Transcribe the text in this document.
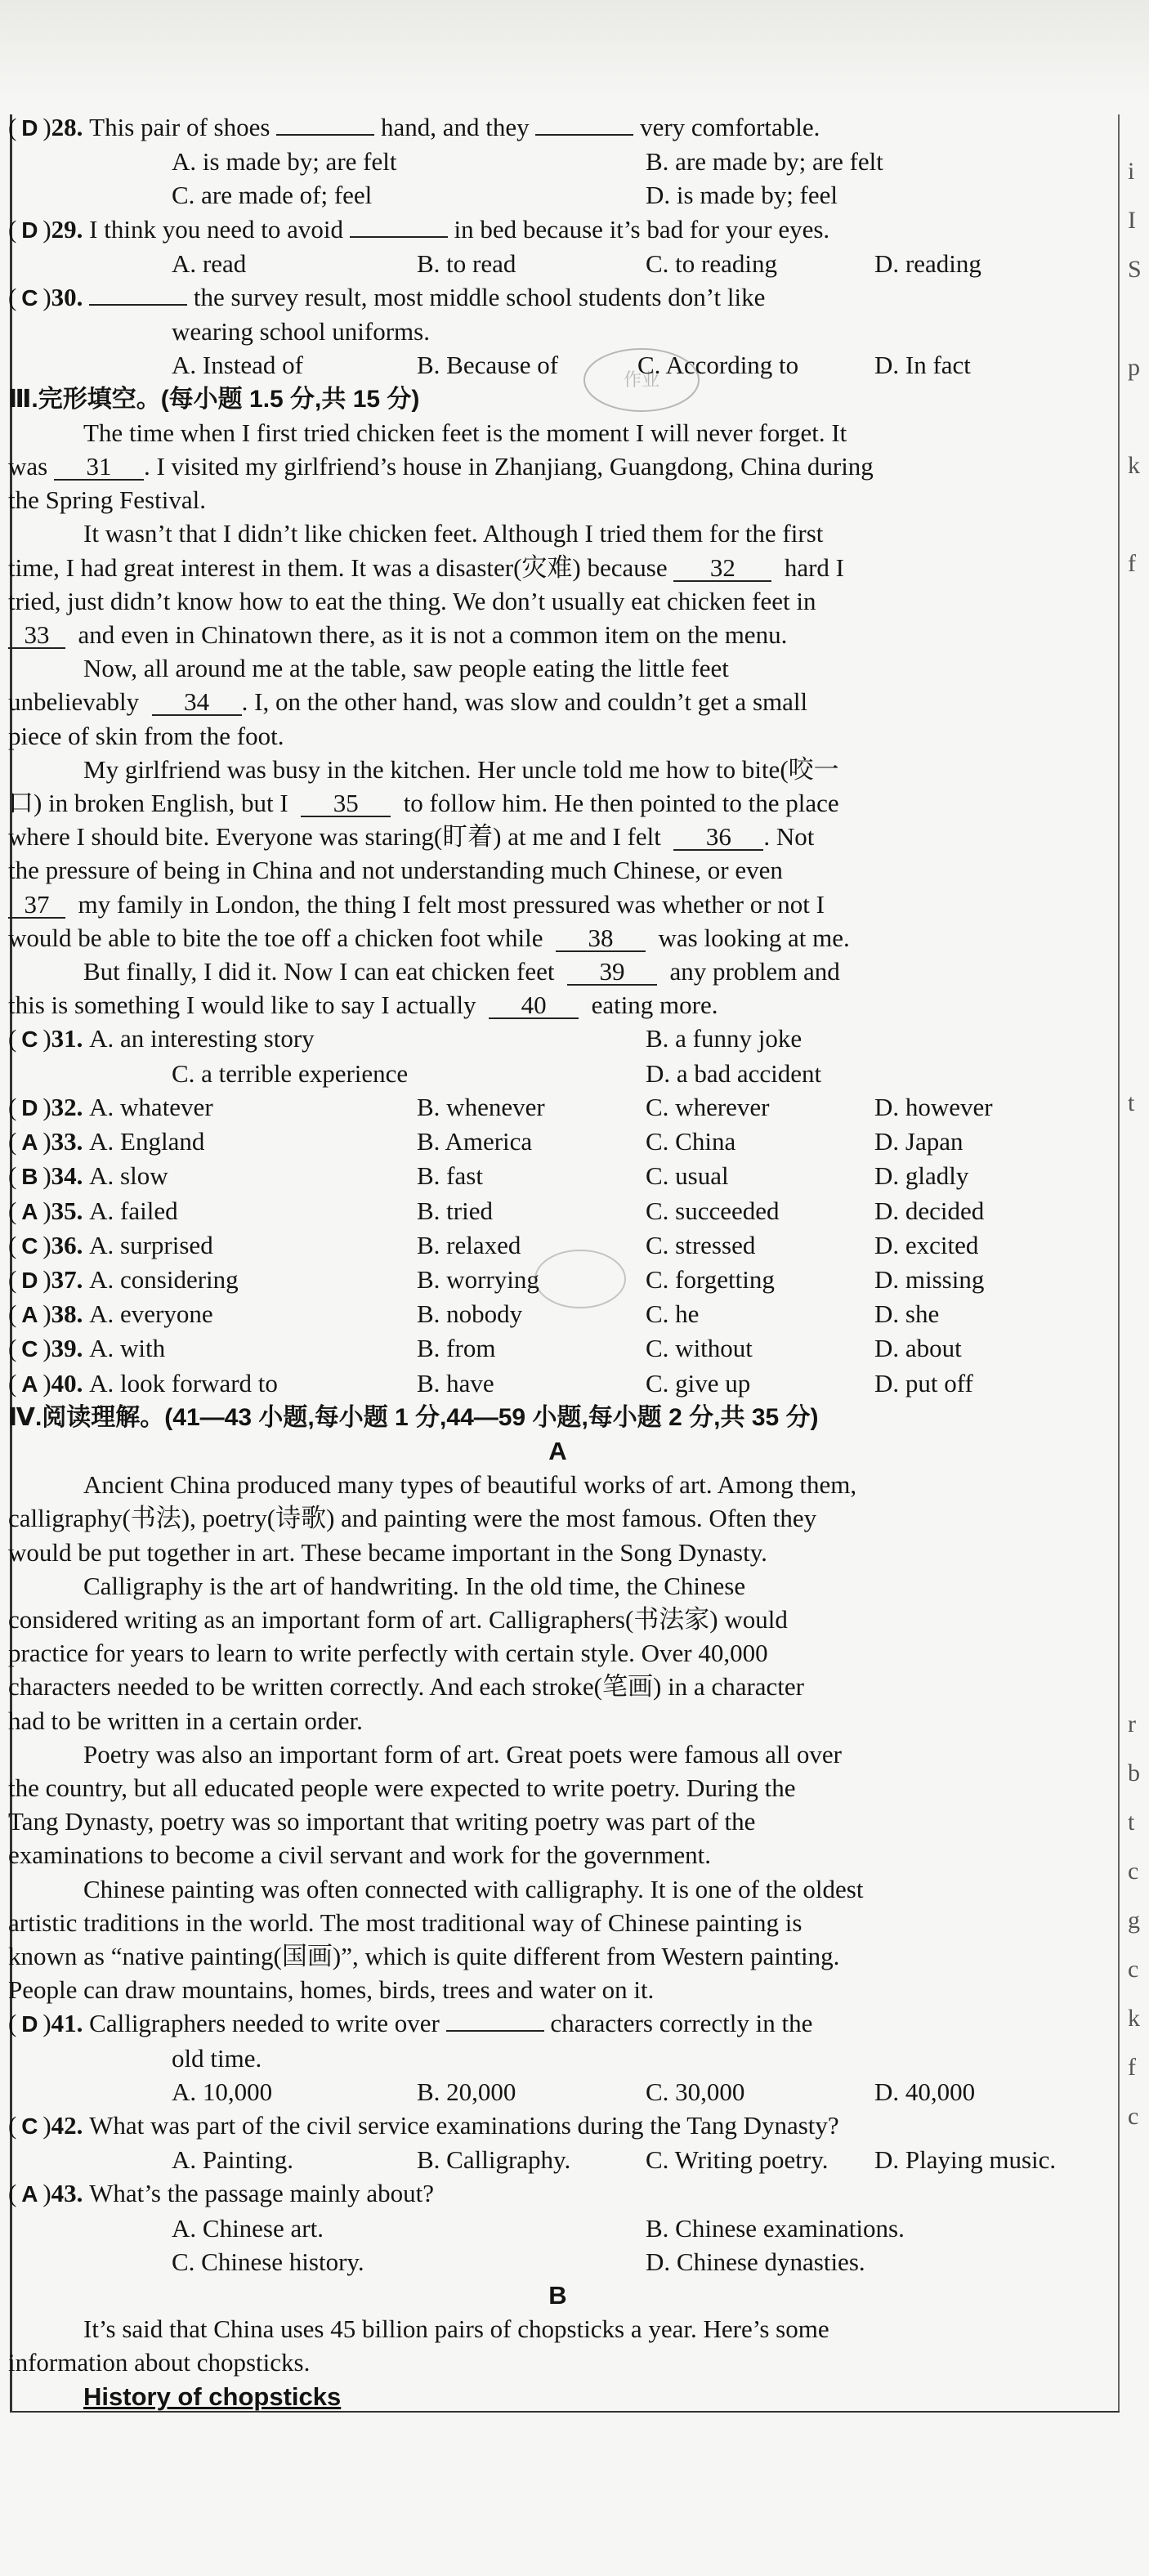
( D ) 28.
This pair of shoes

	hand, and they

	very comfortable.
A. is made by; are felt	B. are made by; are felt

C. are made of; feel	D. is made by; feel

( D ) 29.
I think you need to avoid

	in bed because it’s bad for your eyes.
A. read	B. to read	C. to reading	D. reading

( C ) 30.

	the survey result, most middle school students don’t like
wearing school uniforms.
A. Instead of	B. Because of	C. According to	D. In fact

Ⅲ.完形填空。(每小题 1.5 分,共 15 分)
The time when I first tried chicken feet is the moment I will never forget. It
was 31 . I visited my girlfriend’s house in Zhanjiang, Guangdong, China during
the Spring Festival.
It wasn’t that I didn’t like chicken feet. Although I tried them for the first
time, I had great interest in them. It was a disaster(灾难) because 32 hard I
tried, just didn’t know how to eat the thing. We don’t usually eat chicken feet in
33 and even in Chinatown there, as it is not a common item on the menu.
Now, all around me at the table, saw people eating the little feet
unbelievably 34 . I, on the other hand, was slow and couldn’t get a small
piece of skin from the foot.
My girlfriend was busy in the kitchen. Her uncle told me how to bite(咬一
口) in broken English, but I 35 to follow him. He then pointed to the place
where I should bite. Everyone was staring(盯着) at me and I felt 36 . Not
the pressure of being in China and not understanding much Chinese, or even
37 my family in London, the thing I felt most pressured was whether or not I
would be able to bite the toe off a chicken foot while 38 was looking at me.
But finally, I did it. Now I can eat chicken feet 39 any problem and
this is something I would like to say I actually 40 eating more.
( C )31. A. an interesting story	B. a funny joke
C. a terrible experience	D. a bad accident

( D )32. A. whatever	B. whenever	C. wherever	D. however
( A )33. A. England	B. America	C. China	D. Japan
( B )34. A. slow	B. fast	C. usual	D. gladly
( A )35. A. failed	B. tried	C. succeeded	D. decided
( C )36. A. surprised	B. relaxed	C. stressed	D. excited
( D )37. A. considering	B. worrying	C. forgetting	D. missing
( A )38. A. everyone	B. nobody	C. he	D. she
( C )39. A. with	B. from	C. without	D. about
( A )40. A. look forward to	B. have	C. give up	D. put off
Ⅳ.阅读理解。(41—43 小题,每小题 1 分,44—59 小题,每小题 2 分,共 35 分)
A
Ancient China produced many types of beautiful works of art. Among them,
calligraphy(书法), poetry(诗歌) and painting were the most famous. Often they
would be put together in art. These became important in the Song Dynasty.
Calligraphy is the art of handwriting. In the old time, the Chinese
considered writing as an important form of art. Calligraphers(书法家) would
practice for years to learn to write perfectly with certain style. Over 40,000
characters needed to be written correctly. And each stroke(笔画) in a character
had to be written in a certain order.
Poetry was also an important form of art. Great poets were famous all over
the country, but all educated people were expected to write poetry. During the
Tang Dynasty, poetry was so important that writing poetry was part of the
examinations to become a civil servant and work for the government.
Chinese painting was often connected with calligraphy. It is one of the oldest
artistic traditions in the world. The most traditional way of Chinese painting is
known as “native painting(国画)”, which is quite different from Western painting.
People can draw mountains, homes, birds, trees and water on it.
( D )41. Calligraphers needed to write over	characters correctly in the
old time.
A. 10,000	B. 20,000	C. 30,000	D. 40,000

( C )42. What was part of the civil service examinations during the Tang Dynasty?
A. Painting.	B. Calligraphy.	C. Writing poetry. D. Playing music.

( A )43. What’s the passage mainly about?
A. Chinese art.	B. Chinese examinations.

C. Chinese history.	D. Chinese dynasties.

B
It’s said that China uses 45 billion pairs of chopsticks a year. Here’s some
information about chopsticks.
History of chopsticks
作业
i
I
S
p
k
f
t
r
b
t
c
g
c
k
f
c
